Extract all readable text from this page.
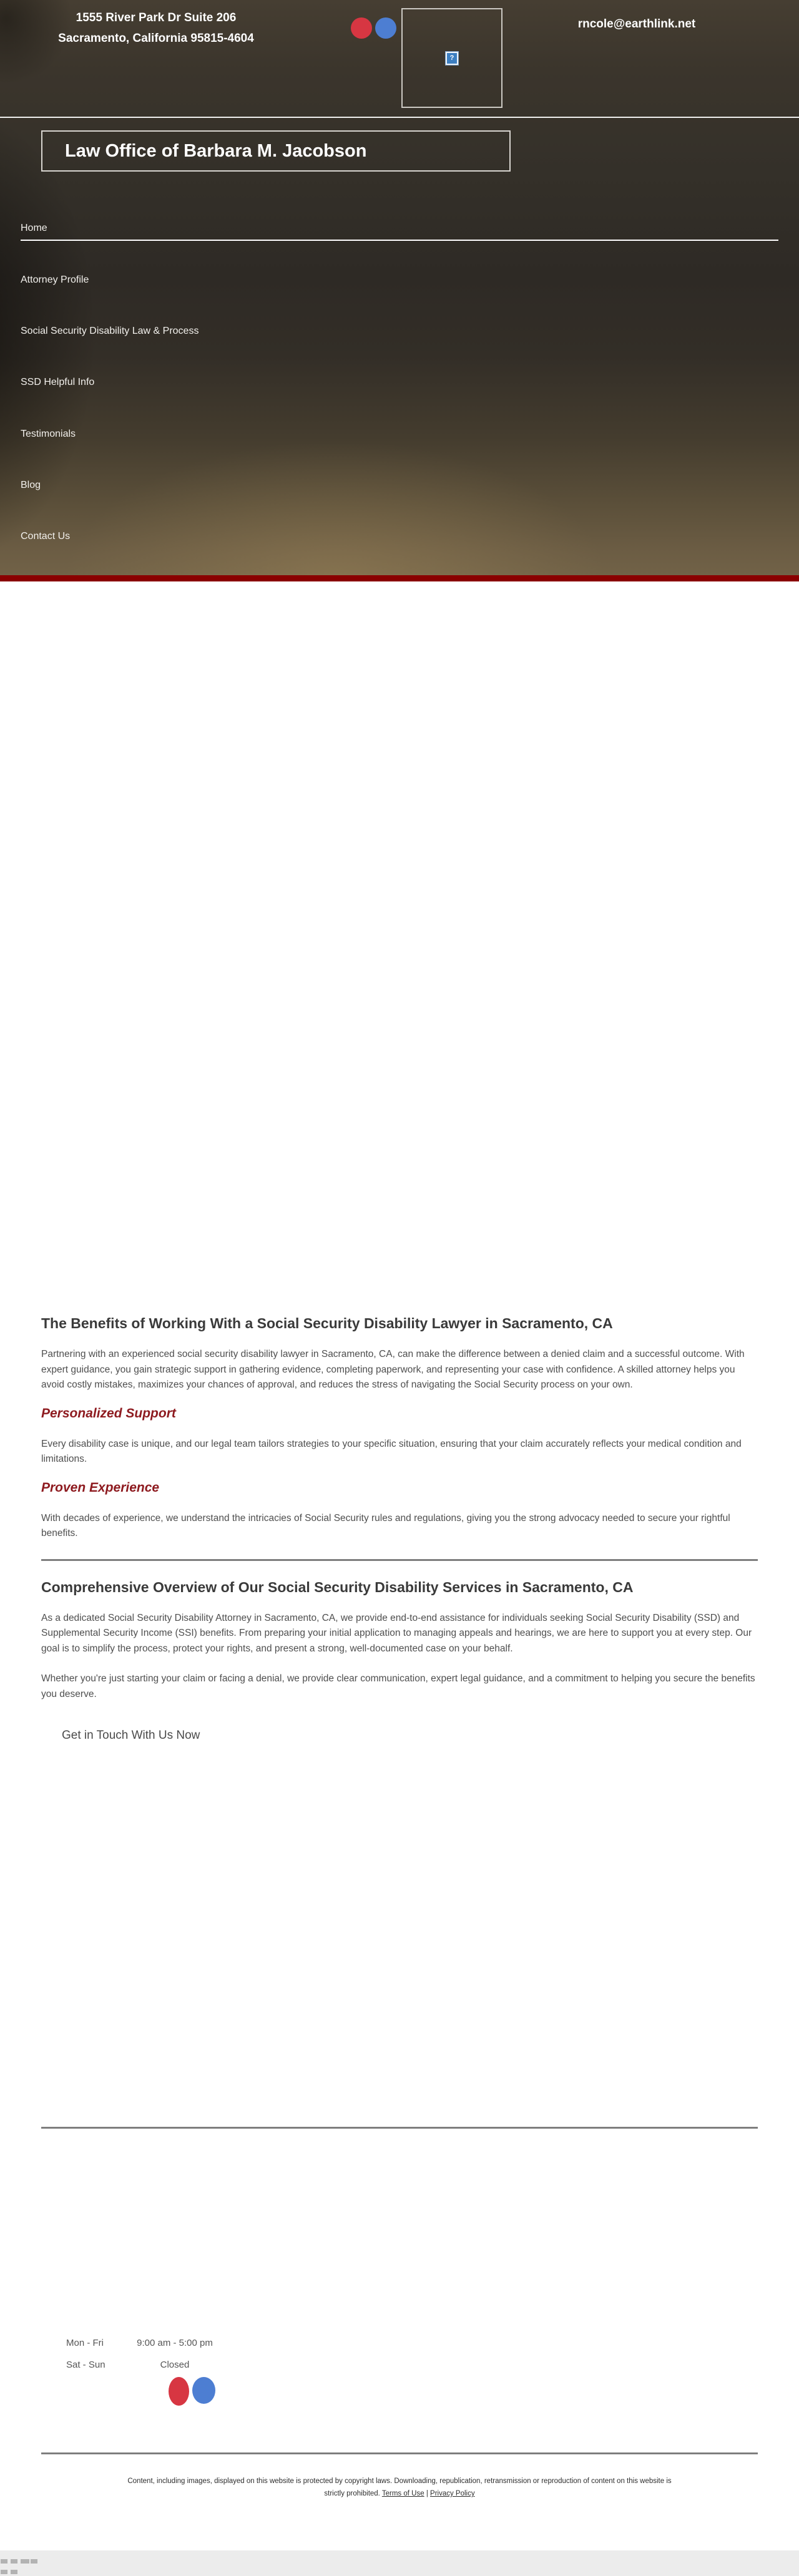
1555 River Park Dr Suite 206
Sacramento, California 95815-4604
?
rncole@earthlink.net
Law Office of Barbara M. Jacobson
Home
Attorney Profile
Social Security Disability Law & Process
SSD Helpful Info
Testimonials
Blog
Contact Us
The Benefits of Working With a Social Security Disability Lawyer in Sacramento, CA

Partnering with an experienced social security disability lawyer in Sacramento, CA, can make the difference between a denied claim and a successful outcome. With expert guidance, you gain strategic support in gathering evidence, completing paperwork, and representing your case with confidence. A skilled attorney helps you avoid costly mistakes, maximizes your chances of approval, and reduces the stress of navigating the Social Security process on your own.

Personalized Support

Every disability case is unique, and our legal team tailors strategies to your specific situation, ensuring that your claim accurately reflects your medical condition and limitations.

Proven Experience

With decades of experience, we understand the intricacies of Social Security rules and regulations, giving you the strong advocacy needed to secure your rightful benefits.

Comprehensive Overview of Our Social Security Disability Services in Sacramento, CA

As a dedicated Social Security Disability Attorney in Sacramento, CA, we provide end-to-end assistance for individuals seeking Social Security Disability (SSD) and Supplemental Security Income (SSI) benefits. From preparing your initial application to managing appeals and hearings, we are here to support you at every step. Our goal is to simplify the process, protect your rights, and present a strong, well-documented case on your behalf.

Whether you're just starting your claim or facing a denial, we provide clear communication, expert legal guidance, and a commitment to helping you secure the benefits you deserve.

Get in Touch With Us Now
Mon - Fri	9:00 am - 5:00 pm
Sat - Sun	Closed
Content, including images, displayed on this website is protected by copyright laws. Downloading, republication, retransmission or reproduction of content on this website is strictly prohibited. Terms of Use | Privacy Policy
